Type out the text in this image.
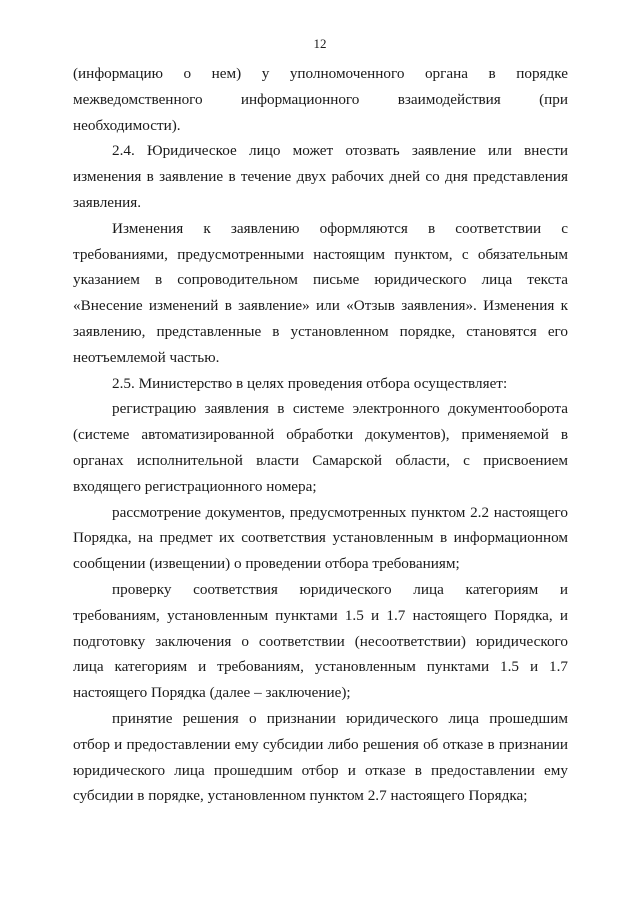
12

(информацию о нем) у уполномоченного органа в порядке межведомственного информационного взаимодействия (при необходимости).

2.4. Юридическое лицо может отозвать заявление или внести изменения в заявление в течение двух рабочих дней со дня представления заявления.

Изменения к заявлению оформляются в соответствии с требованиями, предусмотренными настоящим пунктом, с обязательным указанием в сопроводительном письме юридического лица текста «Внесение изменений в заявление» или «Отзыв заявления». Изменения к заявлению, представленные в установленном порядке, становятся его неотъемлемой частью.

2.5. Министерство в целях проведения отбора осуществляет:

регистрацию заявления в системе электронного документооборота (системе автоматизированной обработки документов), применяемой в органах исполнительной власти Самарской области, с присвоением входящего регистрационного номера;

рассмотрение документов, предусмотренных пунктом 2.2 настоящего Порядка, на предмет их соответствия установленным в информационном сообщении (извещении) о проведении отбора требованиям;

проверку соответствия юридического лица категориям и требованиям, установленным пунктами 1.5 и 1.7 настоящего Порядка, и подготовку заключения о соответствии (несоответствии) юридического лица категориям и требованиям, установленным пунктами 1.5 и 1.7 настоящего Порядка (далее – заключение);

принятие решения о признании юридического лица прошедшим отбор и предоставлении ему субсидии либо решения об отказе в признании юридического лица прошедшим отбор и отказе в предоставлении ему субсидии в порядке, установленном пунктом 2.7 настоящего Порядка;
